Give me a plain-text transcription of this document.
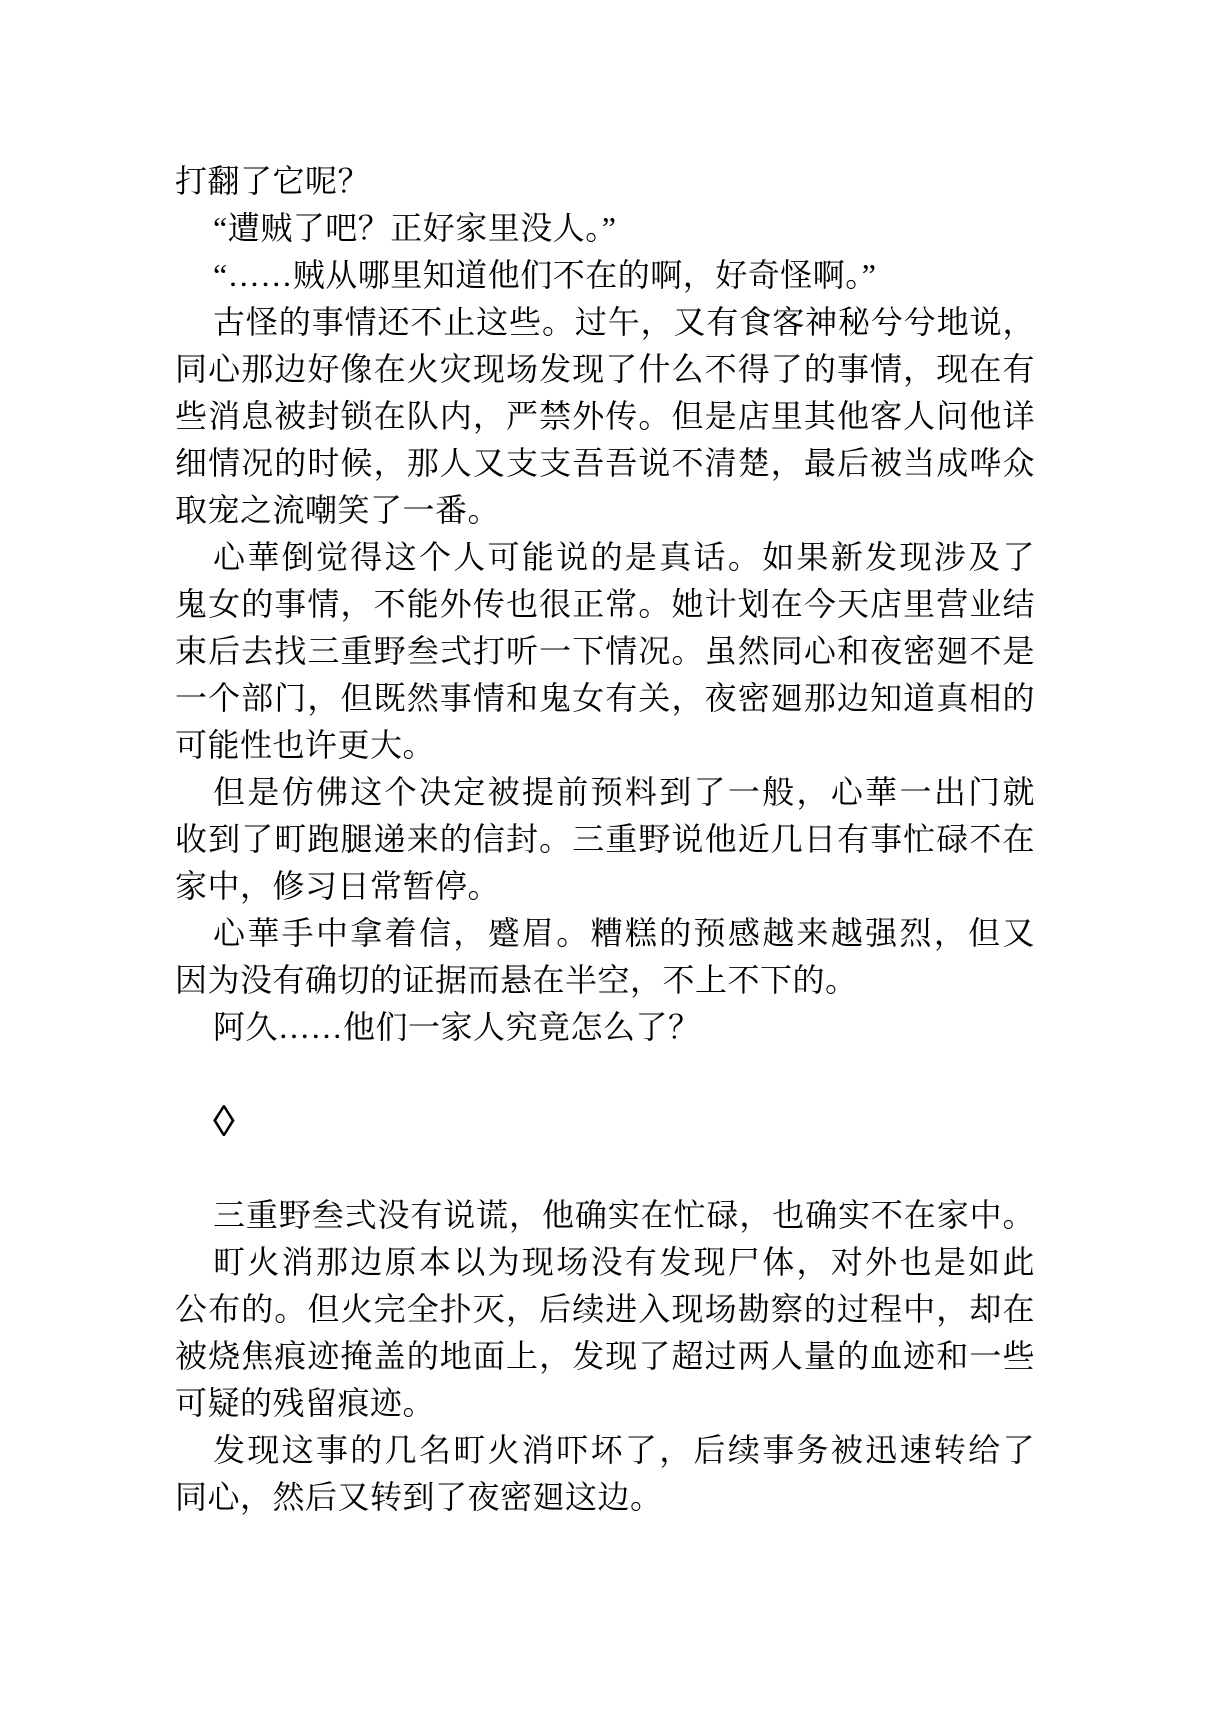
打翻了它呢？
“遭贼了吧？正好家里没人。”
“……贼从哪里知道他们不在的啊，好奇怪啊。”
古怪的事情还不止这些。过午，又有食客神秘兮兮地说，
同心那边好像在火灾现场发现了什么不得了的事情，现在有
些消息被封锁在队内，严禁外传。但是店里其他客人问他详
细情况的时候，那人又支支吾吾说不清楚，最后被当成哗众
取宠之流嘲笑了一番。
心華倒觉得这个人可能说的是真话。如果新发现涉及了
鬼女的事情，不能外传也很正常。她计划在今天店里营业结
束后去找三重野叁弍打听一下情况。虽然同心和夜密廻不是
一个部门，但既然事情和鬼女有关，夜密廻那边知道真相的
可能性也许更大。
但是仿佛这个决定被提前预料到了一般，心華一出门就
收到了町跑腿递来的信封。三重野说他近几日有事忙碌不在
家中，修习日常暂停。
心華手中拿着信，蹙眉。糟糕的预感越来越强烈，但又
因为没有确切的证据而悬在半空，不上不下的。
阿久……他们一家人究竟怎么了？
◊
三重野叁弍没有说谎，他确实在忙碌，也确实不在家中。
町火消那边原本以为现场没有发现尸体，对外也是如此
公布的。但火完全扑灭，后续进入现场勘察的过程中，却在
被烧焦痕迹掩盖的地面上，发现了超过两人量的血迹和一些
可疑的残留痕迹。
发现这事的几名町火消吓坏了，后续事务被迅速转给了
同心，然后又转到了夜密廻这边。
